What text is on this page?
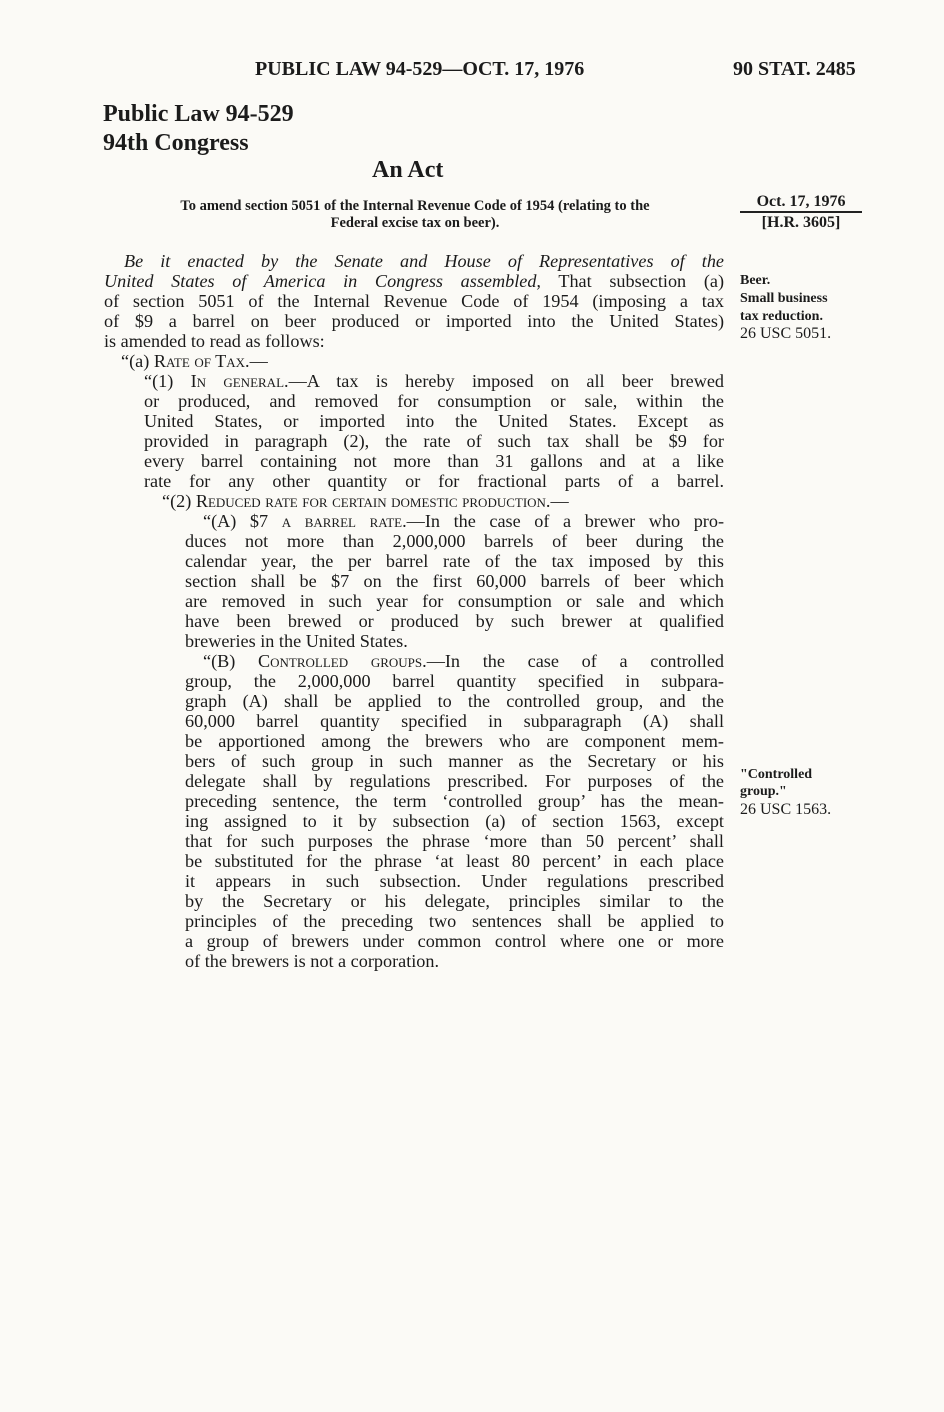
PUBLIC LAW 94-529—OCT. 17, 1976	90 STAT. 2485
Public Law 94-529
94th Congress
An Act
To amend section 5051 of the Internal Revenue Code of 1954 (relating to the
Federal excise tax on beer).
Oct. 17, 1976
[H.R. 3605]
Beer.
Small business
tax reduction.
26 USC 5051.
"Controlled
group."
26 USC 1563.
Be it enacted by the Senate and House of Representatives of the
United States of America in Congress assembled, That subsection (a)
of section 5051 of the Internal Revenue Code of 1954 (imposing a tax
of $9 a barrel on beer produced or imported into the United States)
is amended to read as follows:
“(a) Rate of Tax.—
“(1) In general.—A tax is hereby imposed on all beer brewed
or produced, and removed for consumption or sale, within the
United States, or imported into the United States. Except as
provided in paragraph (2), the rate of such tax shall be $9 for
every barrel containing not more than 31 gallons and at a like
rate for any other quantity or for fractional parts of a barrel.
“(2) Reduced rate for certain domestic production.—
“(A) $7 a barrel rate.—In the case of a brewer who pro-
duces not more than 2,000,000 barrels of beer during the
calendar year, the per barrel rate of the tax imposed by this
section shall be $7 on the first 60,000 barrels of beer which
are removed in such year for consumption or sale and which
have been brewed or produced by such brewer at qualified
breweries in the United States.
“(B) Controlled groups.—In the case of a controlled
group, the 2,000,000 barrel quantity specified in subpara-
graph (A) shall be applied to the controlled group, and the
60,000 barrel quantity specified in subparagraph (A) shall
be apportioned among the brewers who are component mem-
bers of such group in such manner as the Secretary or his
delegate shall by regulations prescribed. For purposes of the
preceding sentence, the term ‘controlled group’ has the mean-
ing assigned to it by subsection (a) of section 1563, except
that for such purposes the phrase ‘more than 50 percent’ shall
be substituted for the phrase ‘at least 80 percent’ in each place
it appears in such subsection. Under regulations prescribed
by the Secretary or his delegate, principles similar to the
principles of the preceding two sentences shall be applied to
a group of brewers under common control where one or more
of the brewers is not a corporation.
